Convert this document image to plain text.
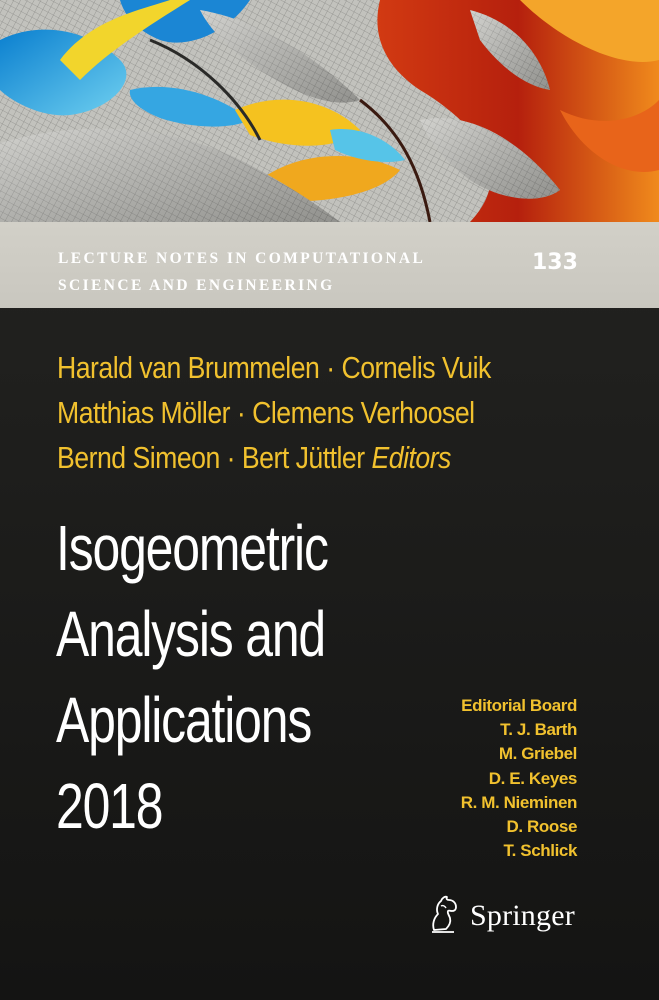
LECTURE NOTES IN COMPUTATIONAL
SCIENCE AND ENGINEERING
133
Harald van Brummelen · Cornelis Vuik
Matthias Möller · Clemens Verhoosel
Bernd Simeon · Bert Jüttler Editors
Isogeometric
Analysis and
Applications
2018
Editorial Board
T. J. Barth
M. Griebel
D. E. Keyes
R. M. Nieminen
D. Roose
T. Schlick
Springer
